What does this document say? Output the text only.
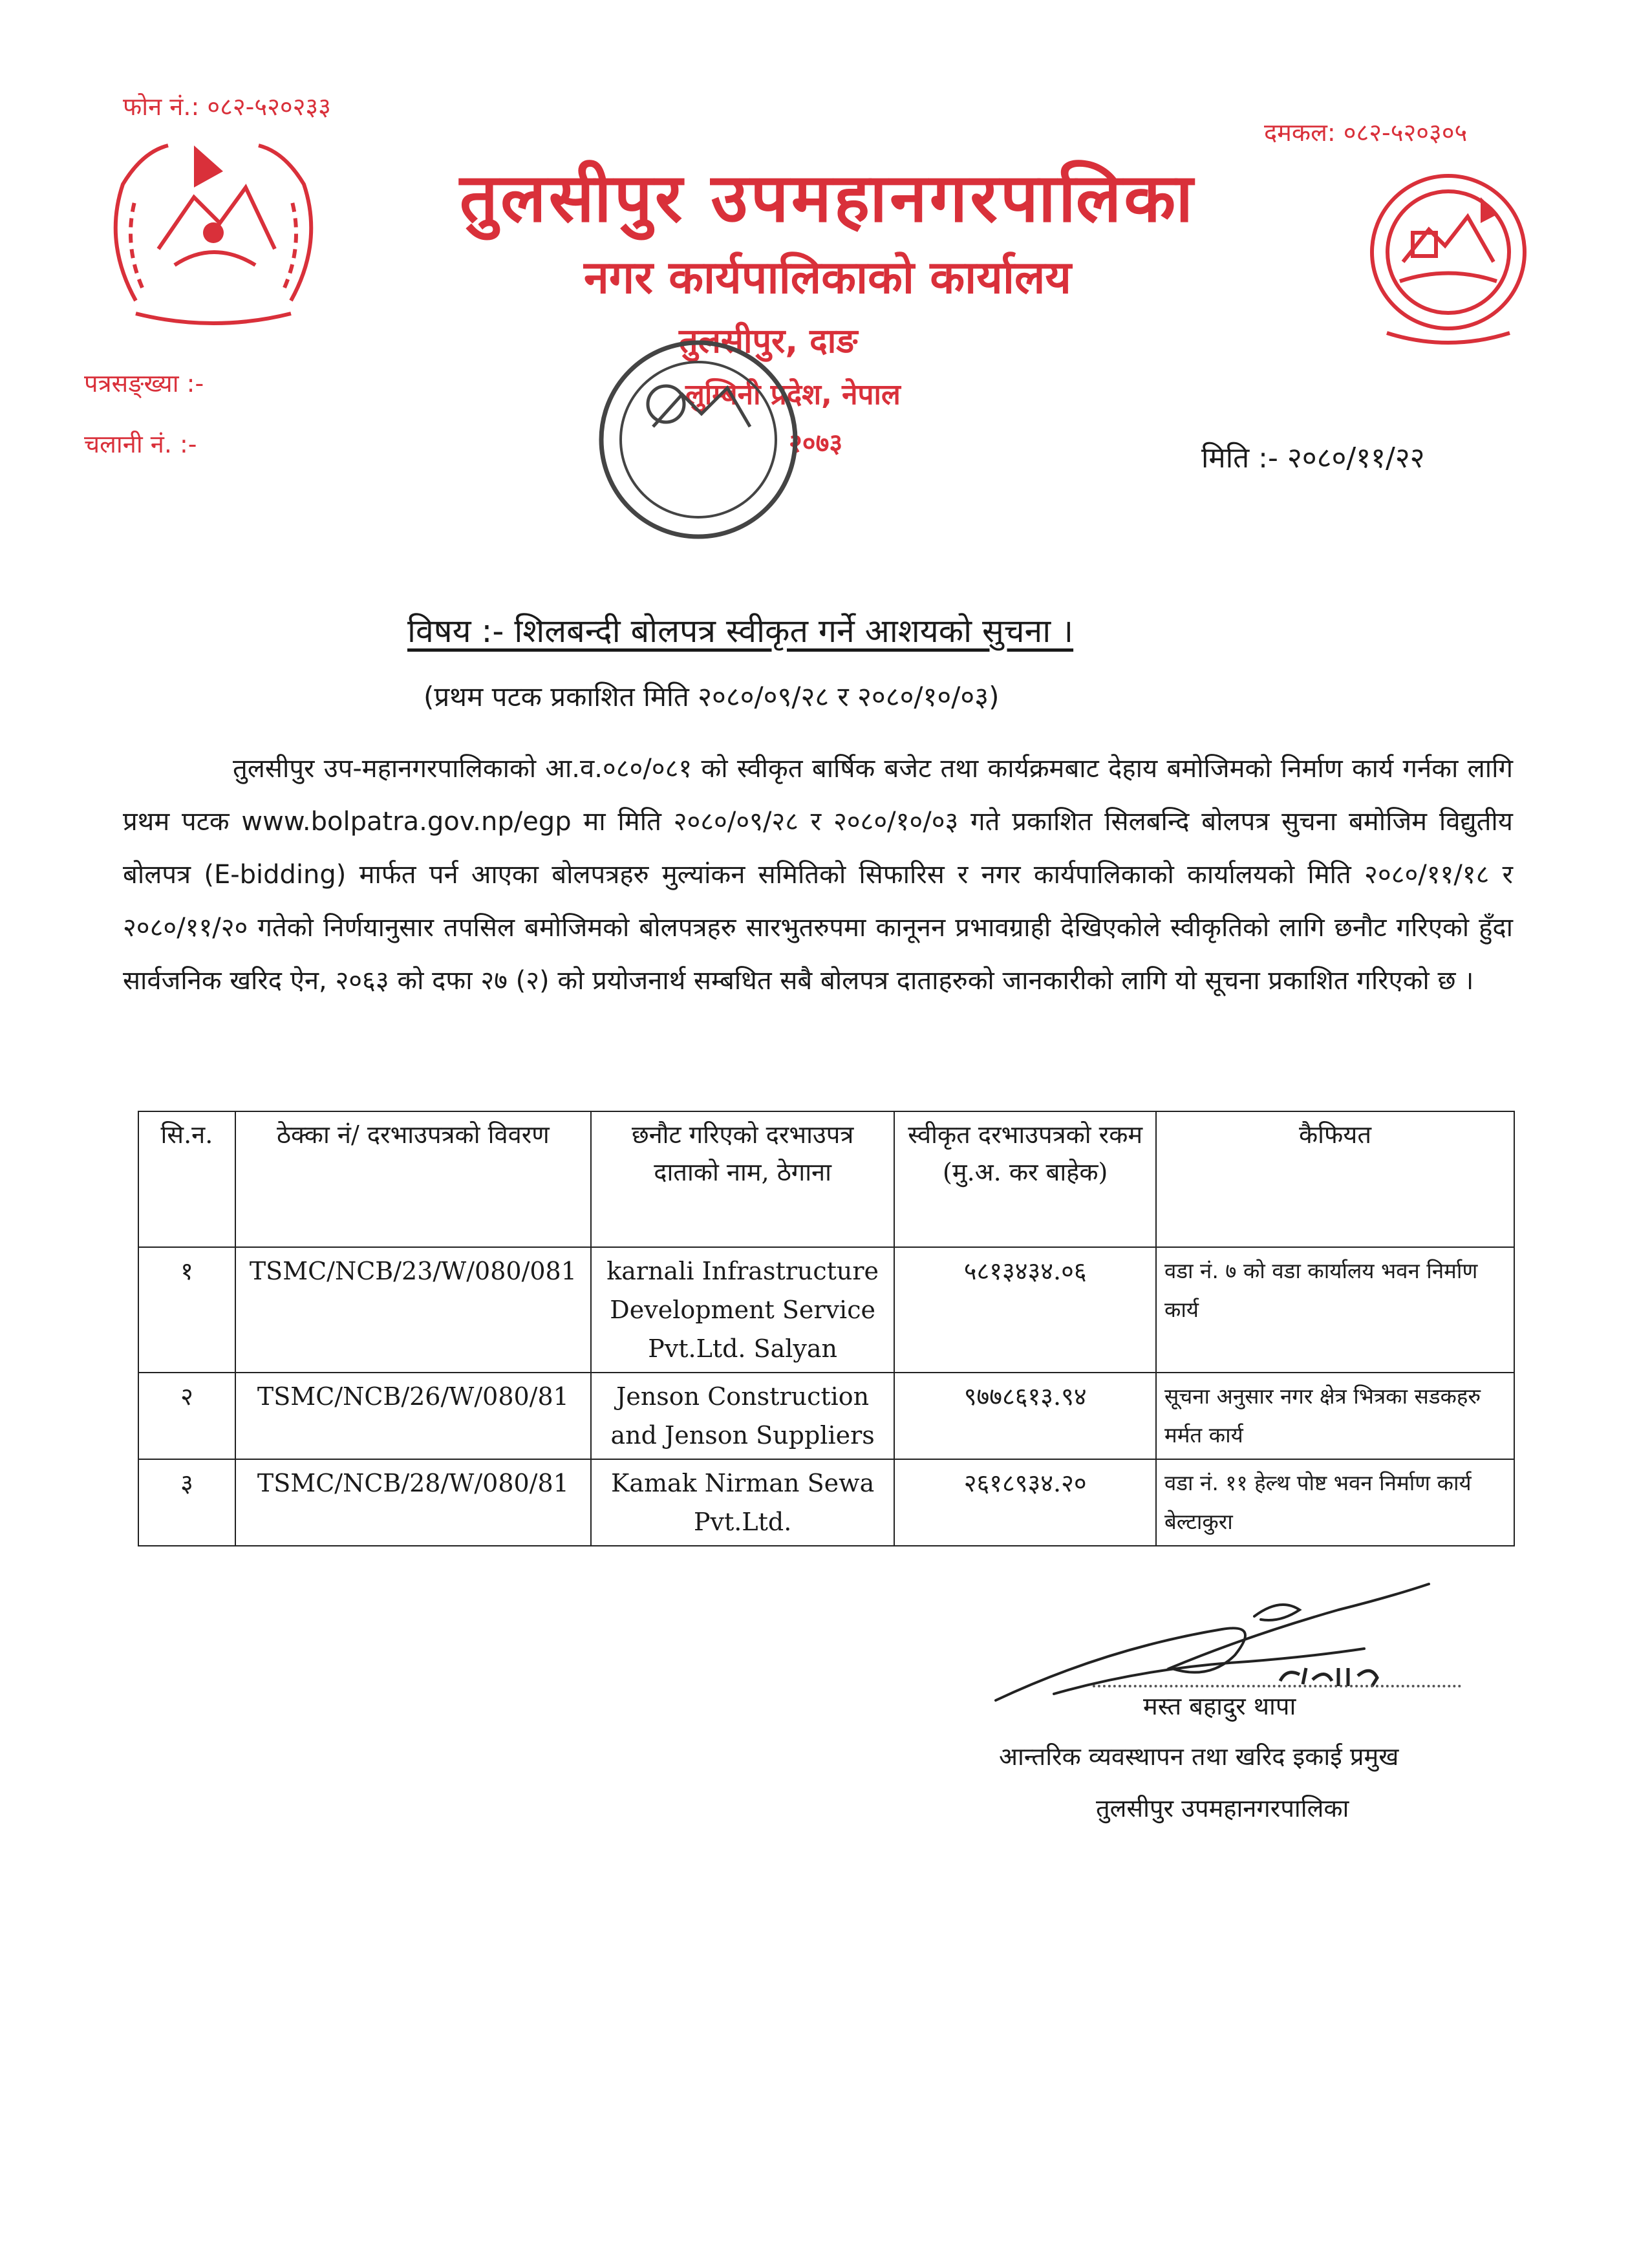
फोन नं.: ०८२-५२०२३३
दमकल: ०८२-५२०३०५
तुलसीपुर उपमहानगरपालिका
नगर कार्यपालिकाको कार्यालय
तुलसीपुर, दाङ
लुम्बिनी प्रदेश, नेपाल
२०७३
पत्रसङ्ख्या :-
चलानी नं. :-	मिति :- २०८०/११/२२
विषय :- शिलबन्दी बोलपत्र स्वीकृत गर्ने आशयको सुचना ।
(प्रथम पटक प्रकाशित मिति २०८०/०९/२८ र २०८०/१०/०३)
तुलसीपुर उप-महानगरपालिकाको आ.व.०८०/०८१ को स्वीकृत बार्षिक बजेट तथा कार्यक्रमबाट देहाय बमोजिमको निर्माण कार्य गर्नका लागि प्रथम पटक www.bolpatra.gov.np/egp मा मिति २०८०/०९/२८ र २०८०/१०/०३ गते प्रकाशित सिलबन्दि बोलपत्र सुचना बमोजिम विद्युतीय बोलपत्र (E-bidding) मार्फत पर्न आएका बोलपत्रहरु मुल्यांकन समितिको सिफारिस र नगर कार्यपालिकाको कार्यालयको मिति २०८०/११/१८ र २०८०/११/२० गतेको निर्णयानुसार तपसिल बमोजिमको बोलपत्रहरु सारभुतरुपमा कानूनन प्रभावग्राही देखिएकोले स्वीकृतिको लागि छनौट गरिएको हुँदा सार्वजनिक खरिद ऐन, २०६३ को दफा २७ (२) को प्रयोजनार्थ सम्बधित सबै बोलपत्र दाताहरुको जानकारीको लागि यो सूचना प्रकाशित गरिएको छ ।
सि.न.	ठेक्का नं/ दरभाउपत्रको विवरण	छनौट गरिएको दरभाउपत्र दाताको नाम, ठेगाना	स्वीकृत दरभाउपत्रको रकम (मु.अ. कर बाहेक)	कैफियत
१	TSMC/NCB/23/W/080/081	karnali Infrastructure Development Service Pvt.Ltd. Salyan	५८१३४३४.०६	वडा नं. ७ को वडा कार्यालय भवन निर्माण कार्य
२	TSMC/NCB/26/W/080/81	Jenson Construction and Jenson Suppliers	९७७८६१३.९४	सूचना अनुसार नगर क्षेत्र भित्रका सडकहरु मर्मत कार्य
३	TSMC/NCB/28/W/080/81	Kamak Nirman Sewa Pvt.Ltd.	२६१८९३४.२०	वडा नं. ११ हेल्थ पोष्ट भवन निर्माण कार्य बेल्टाकुरा
मस्त बहादुर थापा
आन्तरिक व्यवस्थापन तथा खरिद इकाई प्रमुख
तुलसीपुर उपमहानगरपालिका
